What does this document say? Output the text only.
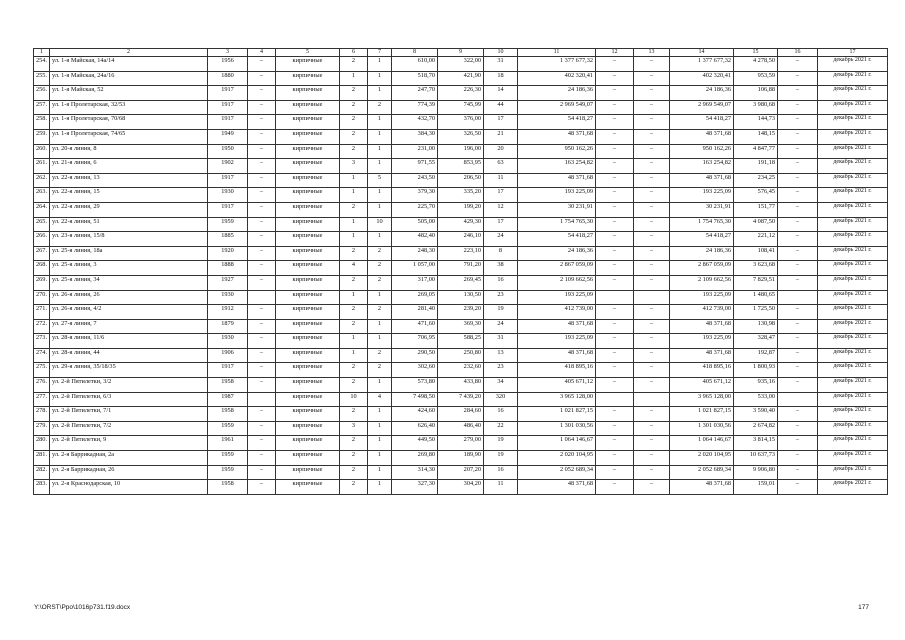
1	2	3	4	5	6	7	8	9	10	11	12	13	14	15	16	17
254.	ул. 1-я Майская, 14а/14	1956	–	кирпичные	2	1	610,00	322,00	31	1 377 677,32	–	–	1 377 677,32	4 278,50	–	декабрь 2021 г.
255.	ул. 1-я Майская, 24а/16	1880	–	кирпичные	1	1	518,70	421,90	18	402 320,41	–	–	402 320,41	953,59	–	декабрь 2021 г.
256.	ул. 1-я Майская, 52	1917	–	кирпичные	2	1	247,70	226,30	14	24 186,36	–	–	24 186,36	106,88	–	декабрь 2021 г.
257.	ул. 1-я Пролетарская, 32/53	1917	–	кирпичные	2	2	774,39	745,99	44	2 969 549,07	–	–	2 969 549,07	3 980,68	–	декабрь 2021 г.
258.	ул. 1-я Пролетарская, 70/68	1917	–	кирпичные	2	1	432,70	376,00	17	54 418,27	–	–	54 418,27	144,73	–	декабрь 2021 г.
259.	ул. 1-я Пролетарская, 74/65	1949	–	кирпичные	2	1	384,30	326,50	21	48 371,68	–	–	48 371,68	148,15	–	декабрь 2021 г.
260.	ул. 20-я линия, 8	1950	–	кирпичные	2	1	231,00	196,00	20	950 162,26	–	–	950 162,26	4 847,77	–	декабрь 2021 г.
261.	ул. 21-я линия, 6	1902	–	кирпичные	3	1	971,55	853,95	63	163 254,82	–	–	163 254,82	191,18	–	декабрь 2021 г.
262.	ул. 22-я линия, 13	1917	–	кирпичные	1	5	243,50	206,50	11	48 371,68	–	–	48 371,68	234,25	–	декабрь 2021 г.
263.	ул. 22-я линия, 15	1930	–	кирпичные	1	1	379,30	335,20	17	193 225,09	–	–	193 225,09	576,45	–	декабрь 2021 г.
264.	ул. 22-я линия, 29	1917	–	кирпичные	2	1	225,70	199,20	12	30 231,91	–	–	30 231,91	151,77	–	декабрь 2021 г.
265.	ул. 22-я линия, 51	1959	–	кирпичные	1	10	505,00	429,30	17	1 754 765,30	–	–	1 754 765,30	4 087,50	–	декабрь 2021 г.
266.	ул. 23-я линия, 15/8	1885	–	кирпичные	1	1	482,40	246,10	24	54 418,27	–	–	54 418,27	221,12	–	декабрь 2021 г.
267.	ул. 25-я линия, 18а	1920	–	кирпичные	2	2	248,30	223,10	8	24 186,36	–	–	24 186,36	108,41	–	декабрь 2021 г.
268.	ул. 25-я линия, 3	1888	–	кирпичные	4	2	1 057,00	791,20	38	2 867 059,09	–	–	2 867 059,09	3 623,68	–	декабрь 2021 г.
269.	ул. 25-я линия, 34	1927	–	кирпичные	2	2	317,00	269,45	16	2 109 662,56	–	–	2 109 662,56	7 829,51	–	декабрь 2021 г.
270.	ул. 26-я линия, 26	1930		кирпичные	1	1	269,05	130,50	23	193 225,09			193 225,09	1 480,65		декабрь 2021 г.
271.	ул. 26-я линия, 4/2	1912	–	кирпичные	2	2	281,40	239,20	19	412 739,00	–	–	412 739,00	1 725,50	–	декабрь 2021 г.
272.	ул. 27-я линия, 7	1879	–	кирпичные	2	1	471,60	369,30	24	48 371,68	–	–	48 371,68	130,98	–	декабрь 2021 г.
273.	ул. 28-я линия, 11/6	1930	–	кирпичные	1	1	706,95	588,25	31	193 225,09	–	–	193 225,09	328,47	–	декабрь 2021 г.
274.	ул. 28-я линия, 44	1906	–	кирпичные	1	2	290,50	250,80	13	48 371,68	–	–	48 371,68	192,87	–	декабрь 2021 г.
275.	ул. 29-я линия, 35/18/35	1917	–	кирпичные	2	2	302,60	232,60	23	418 895,16	–	–	418 895,16	1 800,93	–	декабрь 2021 г.
276.	ул. 2-й Пятилетки, 3/2	1958	–	кирпичные	2	1	573,80	433,80	34	405 671,12	–	–	405 671,12	935,16	–	декабрь 2021 г.
277.	ул. 2-й Пятилетки, 6/3	1987		кирпичные	10	4	7 498,50	7 439,20	320	3 965 128,00			3 965 128,00	533,00		декабрь 2021 г.
278.	ул. 2-й Пятилетки, 7/1	1958	–	кирпичные	2	1	424,60	284,60	16	1 021 827,15	–	–	1 021 827,15	3 590,40	–	декабрь 2021 г.
279.	ул. 2-й Пятилетки, 7/2	1959	–	кирпичные	3	1	626,40	486,40	22	1 301 030,56	–	–	1 301 030,56	2 674,82	–	декабрь 2021 г.
280.	ул. 2-й Пятилетки, 9	1961	–	кирпичные	2	1	449,50	279,00	19	1 064 146,67	–	–	1 064 146,67	3 814,15	–	декабрь 2021 г.
281.	ул. 2-я Баррикадная, 2а	1959	–	кирпичные	2	1	269,80	189,90	19	2 020 104,95	–	–	2 020 104,95	10 637,73	–	декабрь 2021 г.
282.	ул. 2-я Баррикадная, 26	1959	–	кирпичные	2	1	314,30	207,20	16	2 052 689,34	–	–	2 052 689,34	9 906,80	–	декабрь 2021 г.
283.	ул. 2-я Краснодарская, 10	1958	–	кирпичные	2	1	327,30	304,20	11	48 371,68	–	–	48 371,68	159,01	–	декабрь 2021 г.
Y:\ORST\Ppo\1016p731.f19.docx	177
